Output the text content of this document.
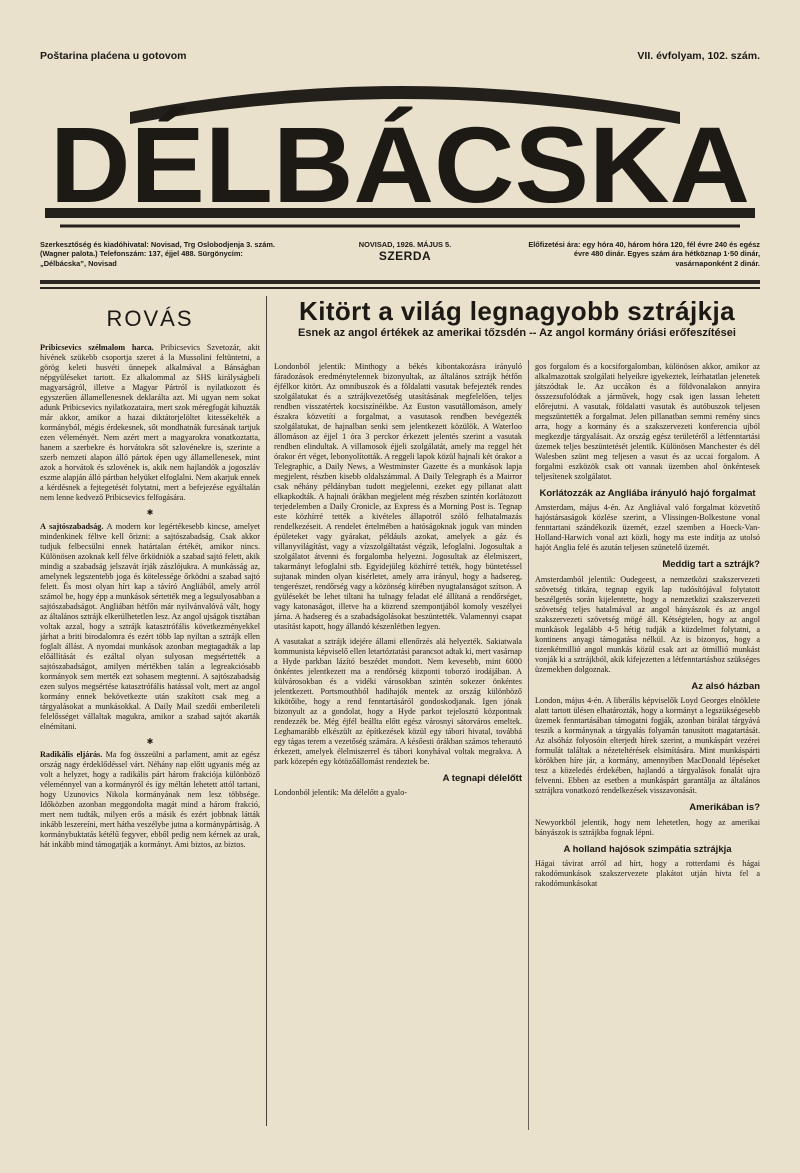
Poštarina plaćena u gotovom	VII. évfolyam, 102. szám.
DÉLBÁCSKA
Szerkesztőség és kiadóhivatal: Novisad, Trg Oslobodjenja 3. szám. (Wagner palota.) Telefonszám: 137, éjjel 488. Sürgönycím: „Délbácska”, Novisad
NOVISAD, 1926. MÁJUS 5.
SZERDA
Előfizetési ára: egy hóra 40, három hóra 120, fél évre 240 és egész évre 480 dinár. Egyes szám ára hétköznap 1·50 dinár, vasárnaponként 2 dinár.
ROVÁS

Pribicsevics szélmalom harca. Pribicsevics Szvetozár, akit hívének szükebb csoportja szeret á la Mussolini feltüntetni, a görög keleti husvéti ünnepek alkalmával a Bánságban népgyüléseket tartott. Ez alkalommal az SHS királyságbeli magyarságról, illetve a Magyar Pártról is nyilatkozott és egyszerűen államellenesnek deklarálta azt. Mi ugyan nem sokat adunk Pribicsevics nyilatkozataira, mert szok méregfogát kihuzták már akkor, amikor a hazai diktátorjelöltet kitessékelték a kormányból, mégis érdekesnek, sőt mondhatnák furcsának tartjuk ezen véleményét. Nem azért mert a magyarokra vonatkoztatta, hanem a szerbekre és horvátokra sőt szlovénekre is, szerinte a szerb nemzeti alapon álló pártok épen ugy államellenesek, mint azok a horvátok és szlovének is, akik nem hajlandók a jogoszláv eszme alapján álló pártban helyüket elfoglalni. Nem akarjuk ennek a kérdésnek a fejtegetését folytatni, mert a befejezése egyáltalán nem lenne kedvező Pribicsevics felfogására.

✱

A sajtószabadság. A modern kor legértékesebb kincse, amelyet mindenkinek féltve kell őrizni: a sajtószabadság. Csak akkor tudjuk felbecsülni ennek határtalan értékét, amikor nincs. Különösen azoknak kell félve őrködniök a szabad sajtó felett, akik mindig a szabadság jelszavát írják zászlójukra. A munkásság az, amelynek legszentebb joga és kötelessége őrködni a szabad sajtó felett. És most olyan hírt kap a távíró Angliából, amely arról számol be, hogy épp a munkások sértették meg a legsulyosabban a sajtószabadságot. Angliában hétfőn már nyilvánvalóvá vált, hogy az általános sztrájk elkerülhetetlen lesz. Az angol ujságok tisztában voltak azzal, hogy a sztrájk katasztrófális következményekkel járhat a briti birodalomra és ezért több lap nyiltan a sztrájk ellen foglalt állást. A nyomdai munkások azonban megtagadták a lap előállítását és ezáltal olyan sulyosan megsértették a sajtószabadságot, amilyen mértékben talán a legreakciósabb kormányok sem merték ezt sohasem megtenni. A sajtószabadság ezen sulyos megsértése katasztrófális hatással volt, mert az angol kormány ennek bekövetkezte után szakított csak meg a tárgyalásokat a munkásokkal. A Daily Mail szedői emberileteli felelősséget vállaltak magukra, amikor a szabad sajtót akarták elnémítani.

✱

Radikális eljárás. Ma fog összeülni a parlament, amit az egész ország nagy érdeklődéssel várt. Néhány nap előtt ugyanis még az volt a helyzet, hogy a radikális párt három frakciója különböző véleménnyel van a kormányról és így méltán lehetett attól tartani, hogy Uzunovics Nikola kormányának nem lesz többsége. Időközben azonban meggondolta magát mind a három frakció, mert nem tudták, milyen erős a másik és ezért jobbnak látták inkább leszereíni, mert hátha veszélybe jutna a kormánypártiság. A kormánybuktatás kétélű fegyver, ebből pedig nem kérnek az urak, hát inkább mind támogatják a kormányt. Ami biztos, az biztos.

Kitört a világ legnagyobb sztrájkja
Esnek az angol értékek az amerikai tőzsdén -- Az angol kormány óriási erőfeszítései

Londonból jelentik: Minthogy a békés kibontakozásra irányuló fáradozások eredménytelennek bizonyultak, az általános sztrájk hétfőn éjfélkor kitört. Az omnibuszok és a földalatti vasutak befejezték rendes szolgálatukat és a sztrájkvezetőség utasításának megfelelően, teljes rendben visszatértek kocsiszínéikbe. Az Euston vasutállomáson, amely északra közvetíti a forgalmat, a vasutasok rendben bevégezték szolgálatukat, de hajnalban senki sem jelentkezett közülök. A Waterloo állomáson az éjjel 1 óra 3 perckor érkezett jelentés szerint a vasutak rendben elindultak. A villamosok éjjeli szolgálatát, amely ma reggel hét órakor ért véget, lebonyolították. A reggeli lapok közül hajnali két órakor a Telegraphic, a Daily News, a Westminster Gazette és a munkások lapja megjelent, részben kisebb oldalszámmal. A Daily Telegraph és a Mairror csak néhány példányban tudott megjelenni, ezeket egy pillanat alatt elkapkodták. A hajnali órákban megjelent még részben szintén korlátozott terjedelemben a Daily Cronicle, az Express és a Morning Post is. Tegnap este közhírré tették a kivételes állapotról szóló felhatalmazás rendelkezéseit. A rendelet értelmében a hatóságoknak joguk van minden épületeket vagy gyárakat, példáuls azokat, amelyek a gáz és villanyvilágítást, vagy a vízszolgáltatást végzik, lefoglalni. Jogosultak a szolgálatot átvenni és forgalomba helyezni. Jogosultak az élelmiszert, takarmányt lefoglalni stb. Egyidejüleg közhírré tették, hogy büntetéssel sujtanak minden olyan kisérletet, amely arra irányul, hogy a hadsereg, tengerészet, rendőrség vagy a közönség körében nyugtalanságot szítson. A gyülésekét be lehet tiltani ha tulnagy feladat elé állítaná a rendőrséget, vagy katonaságot, illetve ha a közrend szempontjából komoly veszélyei járna. A hadsereg és a szabadságolásokat beszüntették. Valamennyi csapat utasítást kapott, hogy állandó készenlétben legyen.

A vasutakat a sztrájk idejére állami ellenőrzés alá helyezték. Sakiatwala kommunista képviselő ellen letartóztatási parancsot adtak ki, mert vasárnap a Hyde parkban lázító beszédet mondott. Nem kevesebb, mint 6000 önkéntes jelentkezett ma a rendőrség központi toborzó irodájában. A külvárosokban és a vidéki városokban szintén sokezer önkéntes jelentkezett. Portsmouthból hadihajók mentek az ország különböző kikötőibe, hogy a rend fenntartásáról gondoskodjanak. Igen jónak bizonyult az a gondolat, hogy a Hyde parkot tejelosztó központnak rendezzék be. Még éjfél beállta előtt egész városnyi sátorváros emeltek. Leghamarább elkészült az építkezések közül egy tábori hivatal, továbbá egy tágas terem a vezetőség számára. A későesti órákban számos teherautó érkezett, amelyek élelmiszerrel és tábori konyhával voltak megrakva. A park közepén egy kötözőállomást rendeztek be.

A tegnapi délelőtt

Londonból jelentik: Ma délelőtt a gyalo-

gos forgalom és a kocsiforgalomban, különösen akkor, amikor az alkalmazottak szolgálati helyeikre igyekeztek, leírhatatlan jelenetek játszódtak le. Az uccákon és a földvonalakon annyira összezsufolódtak a járművek, hogy csak igen lassan lehetett előrejutni. A vasutak, földalatti vasutak és autóbuszok teljesen megszüntették a forgalmat. Jelen pillanatban semmi remény sincs arra, hogy a kormány és a szakszervezeti konferencia ujból megkezdje tárgyalásait. Az ország egész területéről a létfenntartási üzemek teljes beszüntetését jelentik. Különösen Manchester és dél Walesben szünt meg teljesen a vasut és az uccai forgalom. A forgalmi eszközök csak ott vannak üzemben ahol önkéntesek teljesítenek szolgálatot.

Korlátozzák az Angliába irányuló hajó forgalmat

Amsterdam, május 4-én. Az Angliával való forgalmat közvetítő hajóstársaságok közlése szerint, a Vlissingen-Bolkestone vonal fenntartani szándékozik üzemét, ezzel szemben a Hoeck-Van-Holland-Harwich vonal azt közli, hogy ma este indítja az utolsó hajót Anglia felé és azután teljesen szünetelő üzemét.

Meddig tart a sztrájk?

Amsterdamból jelentik: Oudegeest, a nemzetközi szakszervezeti szövetség titkára, tegnap egyik lap tudósítójával folytatott beszélgetés során kijelentette, hogy a nemzetközi szakszervezeti szövetség teljes hatalmával az angol bányászok és az angol szakszervezeti szövetség mögé áll. Kétségtelen, hogy az angol munkások legalább 4-5 hétig tudják a küzdelmet folytatni, a kontinens anyagi támogatása nélkül. Az is bizonyos, hogy a tizenkétmillió angol munkás közül csak azt az ötmillió munkást vonják ki a sztrájkból, akik kifejezetten a létfenntartáshoz szükséges üzemekben dolgoznak.

Az alsó házban

London, május 4-én. A liberális képviselők Loyd Georges elnöklete alatt tartott ülésen elhatározták, hogy a kormányt a legszükségesebb üzemek fenntartásában támogatni fogják, azonban birálat tárgyává teszik a kormánynak a tárgyalás folyamán tanusított magatartását. Az alsóház folyosóin elterjedt hírek szerint, a munkáspárt vezérei formulát találtak a nézeteltérések elsimítására. Mint munkáspárti körökben híre jár, a kormány, amennyiben MacDonald lépéseket tesz a közeledés érdekében, hajlandó a tárgyalások fonalát ujra felvenni. Ebben az esetben a munkáspárt garantálja az általános sztrájkra vonatkozó rendelkezések visszavonását.

Amerikában is?

Newyorkból jelentik, hogy nem lehetetlen, hogy az amerikai bányászok is sztrájkba fognak lépni.

A holland hajósok szimpátia sztrájkja

Hágai távirat arról ad hírt, hogy a rotterdami és hágai rakodómunkások szakszervezete plakátot utján hivta fel a rakodómunkásokat
